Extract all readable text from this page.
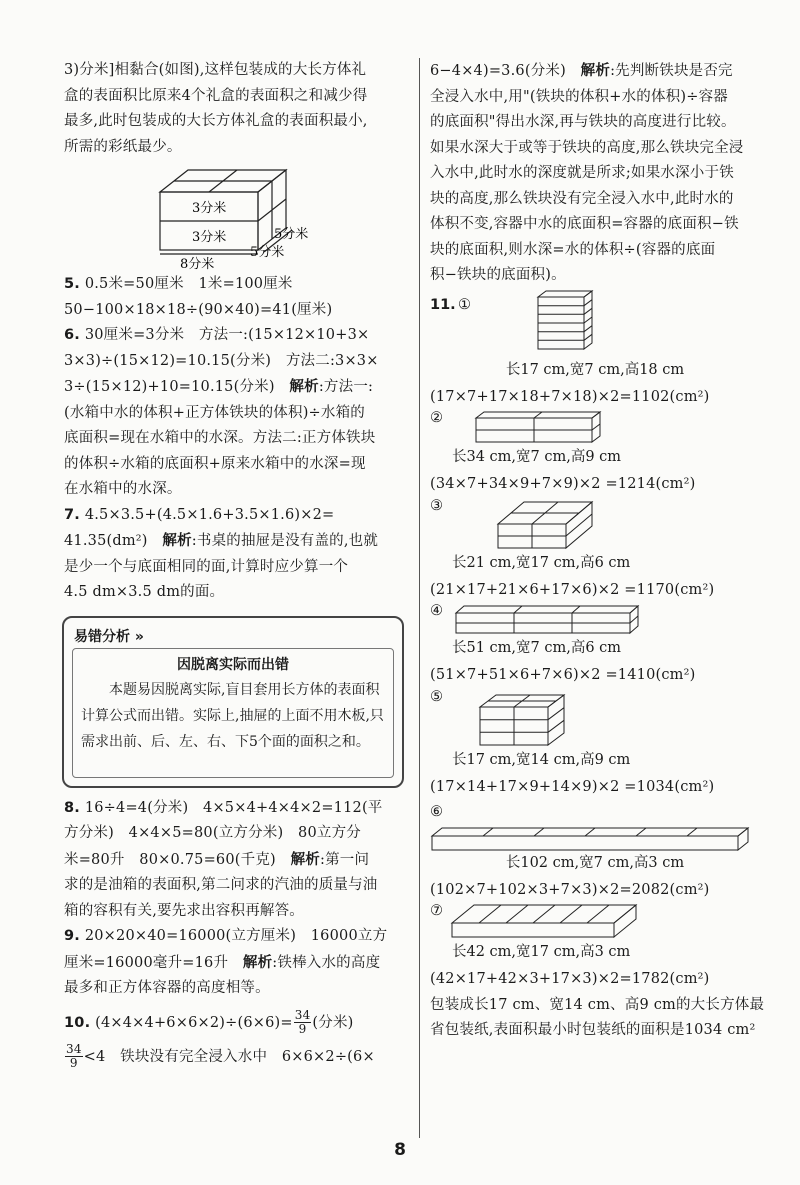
3)分米]相黏合(如图),这样包装成的大长方体礼

盒的表面积比原来4个礼盒的表面积之和减少得

最多,此时包装成的大长方体礼盒的表面积最小,

所需的彩纸最少。

3分米
3分米	5分米
5分米
8分米

5. 0.5米=50厘米　1米=100厘米

50−100×18×18÷(90×40)=41(厘米)

6. 30厘米=3分米　方法一:(15×12×10+3×

3×3)÷(15×12)=10.15(分米)　方法二:3×3×

3÷(15×12)+10=10.15(分米)　解析:方法一:

(水箱中水的体积+正方体铁块的体积)÷水箱的

底面积=现在水箱中的水深。方法二:正方体铁块

的体积÷水箱的底面积+原来水箱中的水深=现

在水箱中的水深。

7. 4.5×3.5+(4.5×1.6+3.5×1.6)×2=

41.35(dm²)　解析:书桌的抽屉是没有盖的,也就

是少一个与底面相同的面,计算时应少算一个

4.5 dm×3.5 dm的面。

易错分析 »
因脱离实际而出错
本题易因脱离实际,盲目套用长方体的表面积计算公式而出错。实际上,抽屉的上面不用木板,只需求出前、后、左、右、下5个面的面积之和。

8. 16÷4=4(分米)　4×5×4+4×4×2=112(平

方分米)　4×4×5=80(立方分米)　80立方分

米=80升　80×0.75=60(千克)　解析:第一问

求的是油箱的表面积,第二问求的汽油的质量与油

箱的容积有关,要先求出容积再解答。

9. 20×20×40=16000(立方厘米)　16000立方

厘米=16000毫升=16升　解析:铁棒入水的高度

最多和正方体容器的高度相等。

10. $(4\times 4\times 4+6\times 6\times 2)\div(6\times 6)= \frac{34}{9}$ (分米)

$\frac{34}{9} <4$　铁块没有完全浸入水中　6×6×2÷(6×

6−4×4)=3.6(分米)　解析:先判断铁块是否完

全浸入水中,用"(铁块的体积+水的体积)÷容器

的底面积"得出水深,再与铁块的高度进行比较。

如果水深大于或等于铁块的高度,那么铁块完全浸

入水中,此时水的深度就是所求;如果水深小于铁

块的高度,那么铁块没有完全浸入水中,此时水的

体积不变,容器中水的底面积=容器的底面积−铁

块的底面积,则水深=水的体积÷(容器的底面

积−铁块的底面积)。

11. ①

长17 cm,宽7 cm,高18 cm

(17×7+17×18+7×18)×2=1102(cm²)

②

长34 cm,宽7 cm,高9 cm

(34×7+34×9+7×9)×2 =1214(cm²)

③

长21 cm,宽17 cm,高6 cm

(21×17+21×6+17×6)×2 =1170(cm²)

④

长51 cm,宽7 cm,高6 cm

(51×7+51×6+7×6)×2 =1410(cm²)

⑤

长17 cm,宽14 cm,高9 cm

(17×14+17×9+14×9)×2 =1034(cm²)

⑥

长102 cm,宽7 cm,高3 cm

(102×7+102×3+7×3)×2=2082(cm²)

⑦

长42 cm,宽17 cm,高3 cm

(42×17+42×3+17×3)×2=1782(cm²)

包装成长17 cm、宽14 cm、高9 cm的大长方体最

省包装纸,表面积最小时包装纸的面积是1034 cm²

8
